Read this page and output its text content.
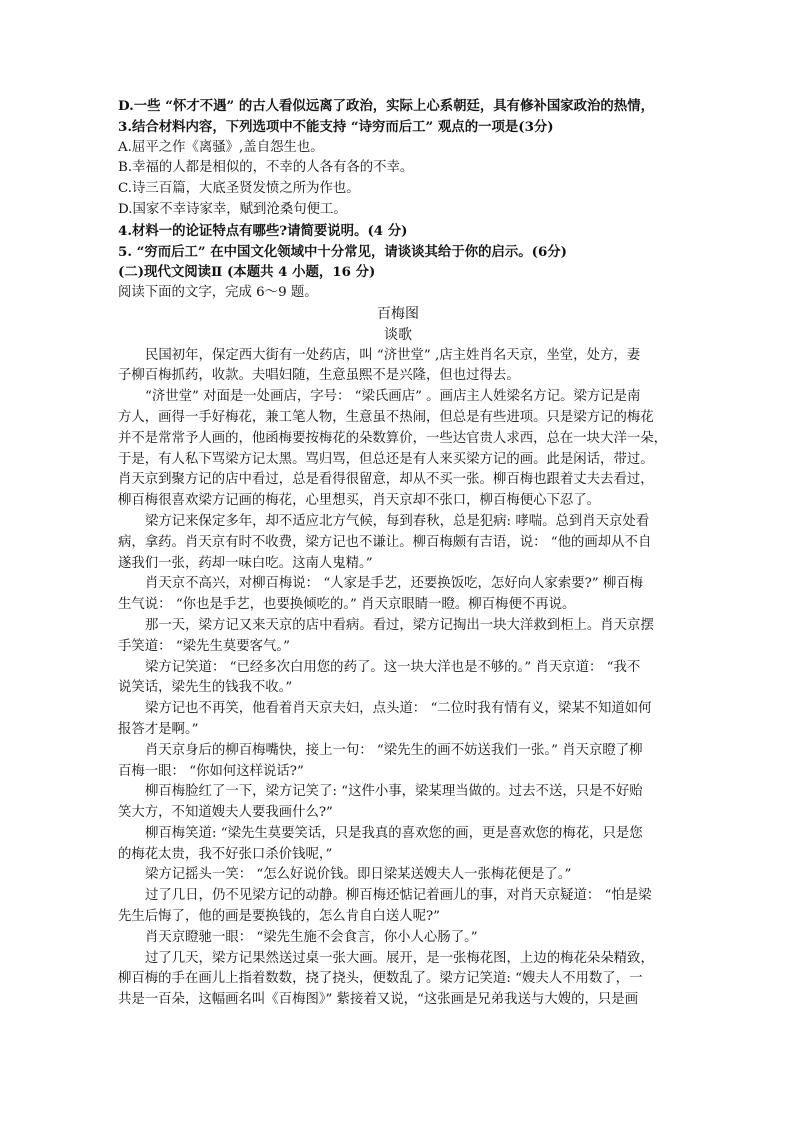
D.一些 “怀才不遇” 的古人看似远离了政治，实际上心系朝廷，具有修补国家政治的热情，

3.结合材料内容，下列选项中不能支持 “诗穷而后工” 观点的一项是(3分)

A.屈平之作《离骚》,盖自怨生也。

B.幸福的人都是相似的，不幸的人各有各的不幸。

C.诗三百篇，大底圣贤发愤之所为作也。

D.国家不幸诗家幸，赋到沧桑句便工。

4.材料一的论证特点有哪些?请简要说明。(4 分)

5. “穷而后工” 在中国文化领域中十分常见，请谈谈其给于你的启示。(6分)

(二)现代文阅读Ⅱ (本题共 4 小题，16 分)

阅读下面的文字，完成 6～9 题。

百梅图

谈歌

民国初年，保定西大街有一处药店，叫 “济世堂” ,店主姓肖名天京，坐堂，处方，妻

子柳百梅抓药，收款。夫唱妇随，生意虽熙不是兴隆，但也过得去。

“济世堂” 对面是一处画店，字号： “梁氏画店” 。画店主人姓梁名方记。梁方记是南

方人，画得一手好梅花，兼工笔人物，生意虽不热闹，但总是有些进项。只是梁方记的梅花

并不是常常予人画的，他函梅要按梅花的朵数算价，一些达官贵人求西，总在一块大洋一朵，

于是，有人私下骂梁方记太黑。骂归骂，但总还是有人来买梁方记的画。此是闲话，带过。

肖天京到聚方记的店中看过，总是看得很留意，却从不买一张。柳百梅也跟着丈夫去看过，

柳百梅很喜欢梁方记画的梅花，心里想买，肖天京却不张口，柳百梅便心下忍了。

梁方记来保定多年，却不适应北方气候，每到春秋，总是犯病: 哮喘。总到肖天京处看

病，拿药。肖天京有时不收费，梁方记也不谦让。柳百梅颇有吉语，说： “他的画却从不自

遂我们一张，药却一味白吃。这南人鬼精。”

肖天京不高兴，对柳百梅说： “人家是手艺，还要换饭吃，怎好向人家索要?” 柳百梅

生气说： “你也是手艺，也要换倾吃的。” 肖天京眼睛一瞪。柳百梅便不再说。

那一天，梁方记又来天京的店中看病。看过，梁方记掏出一块大洋救到柜上。肖天京摆

手笑道： “梁先生莫要客气。”

梁方记笑道： “已经多次白用您的药了。这一块大洋也是不够的。” 肖天京道： “我不

说笑话，梁先生的钱我不收。”

梁方记也不再笑，他看着肖天京夫妇，点头道： “二位时我有情有义，梁某不知道如何

报答才是啊。”

肖天京身后的柳百梅嘴快，接上一句： “梁先生的画不妨送我们一张。” 肖天京瞪了柳

百梅一眼： “你如何这样说话?”

柳百梅脸红了一下，梁方记笑了: “这件小事，梁某理当做的。过去不送，只是不好贻

笑大方，不知道嫂夫人要我画什么?”

柳百梅笑道: “梁先生莫要笑话，只是我真的喜欢您的画，更是喜欢您的梅花，只是您

的梅花太贵，我不好张口杀价钱呢，”

梁方记摇头一笑： “怎么好说价钱。即日梁某送嫂夫人一张梅花便是了。”

过了几日，仍不见梁方记的动静。柳百梅还惦记着画儿的事，对肖天京疑道： “怕是梁

先生后悔了，他的画是要换钱的，怎么肯自白送人呢?”

肖天京瞪驰一眼： “梁先生施不会食言，你小人心肠了。”

过了几天，梁方记果然送过桌一张大画。展开，是一张梅花图，上边的梅花朵朵精致，

柳百梅的手在画儿上指着数数，挠了挠头，便数乱了。梁方记笑道: “嫂夫人不用数了，一

共是一百朵，这幅画名叫《百梅图》” 紫接着又说，“这张画是兄弟我送与大嫂的，只是画
